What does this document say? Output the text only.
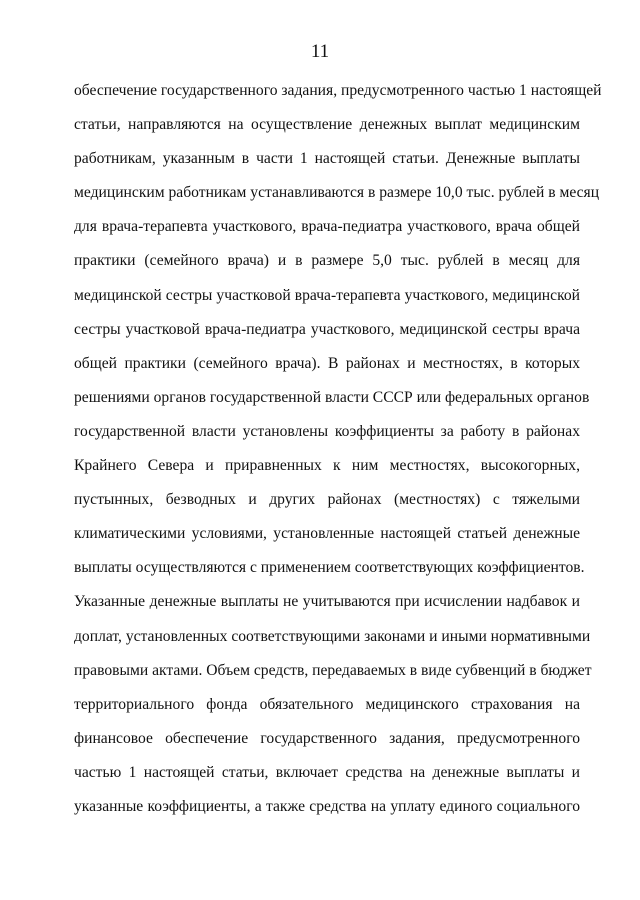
11
обеспечение государственного задания, предусмотренного частью 1 настоящей
статьи, направляются на осуществление денежных выплат медицинским
работникам, указанным в части 1 настоящей статьи. Денежные выплаты
медицинским работникам устанавливаются в размере 10,0 тыс. рублей в месяц
для врача-терапевта участкового, врача-педиатра участкового, врача общей
практики (семейного врача) и в размере 5,0 тыс. рублей в месяц для
медицинской сестры участковой врача-терапевта участкового, медицинской
сестры участковой врача-педиатра участкового, медицинской сестры врача
общей практики (семейного врача). В районах и местностях, в которых
решениями органов государственной власти СССР или федеральных органов
государственной власти установлены коэффициенты за работу в районах
Крайнего Севера и приравненных к ним местностях, высокогорных,
пустынных, безводных и других районах (местностях) с тяжелыми
климатическими условиями, установленные настоящей статьей денежные
выплаты осуществляются с применением соответствующих коэффициентов.
Указанные денежные выплаты не учитываются при исчислении надбавок и
доплат, установленных соответствующими законами и иными нормативными
правовыми актами. Объем средств, передаваемых в виде субвенций в бюджет
территориального фонда обязательного медицинского страхования на
финансовое обеспечение государственного задания, предусмотренного
частью 1 настоящей статьи, включает средства на денежные выплаты и
указанные коэффициенты, а также средства на уплату единого социального
